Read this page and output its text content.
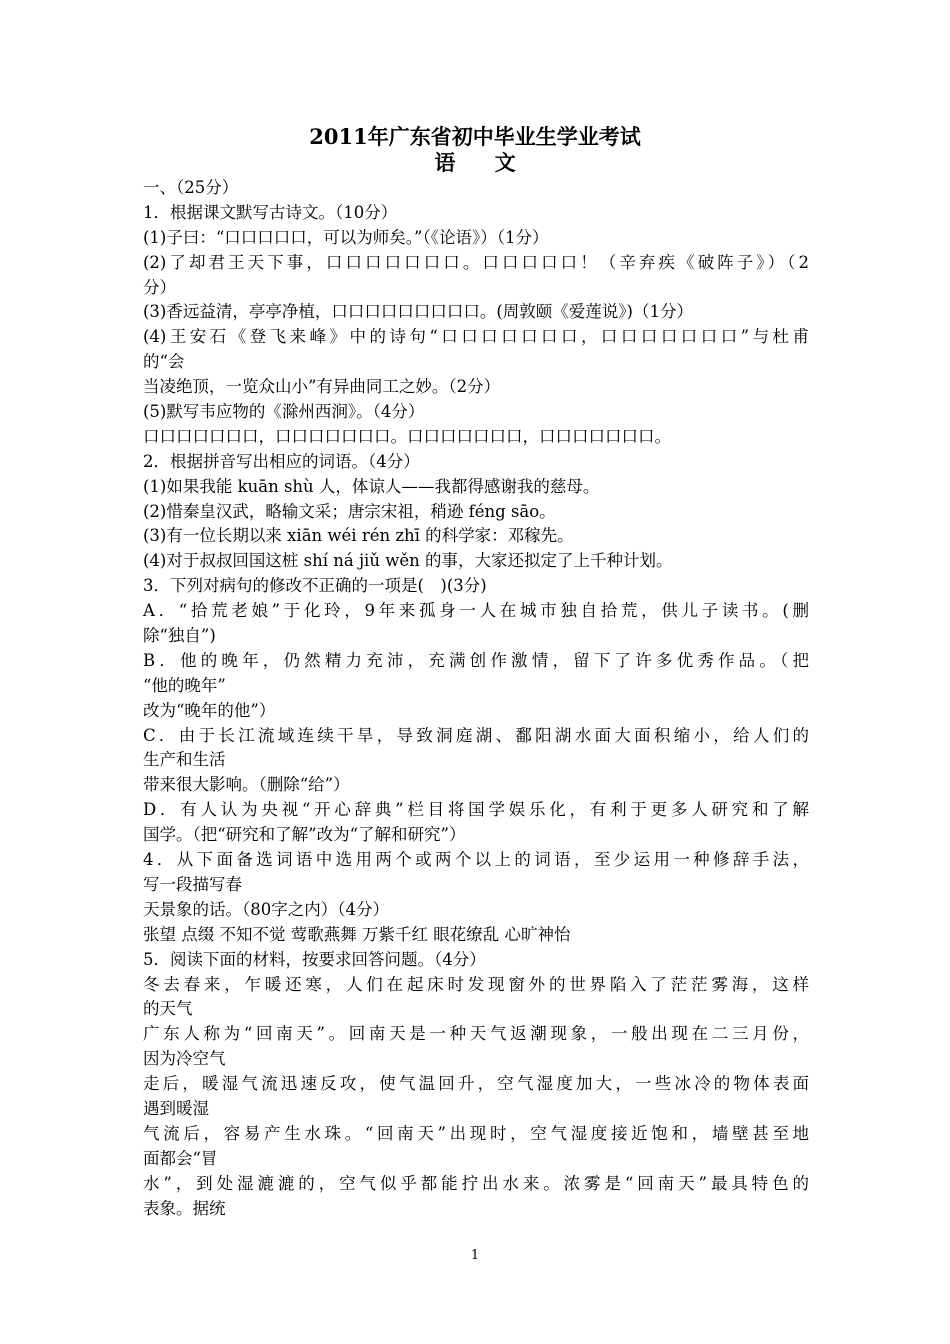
2011年广东省初中毕业生学业考试
语 文
一、（25分）
1．根据课文默写古诗文。（10分）
(1)子曰：“口口口口口，可以为师矣。”（《论语》）（1分）
(2)了却君王天下事，口口口口口口口。口口口口口！（辛弃疾《破阵子》）（2
分）
(3)香远益清，亭亭净植，口口口口口口口口口。(周敦颐《爱莲说》)（1分）
(4)王安石《登飞来峰》中的诗句“口口口口口口口，口口口口口口口”与杜甫
的“会
当凌绝顶，一览众山小”有异曲同工之妙。（2分）
(5)默写韦应物的《滁州西涧》。（4分）
口口口口口口口，口口口口口口口。口口口口口口口，口口口口口口口。
2．根据拼音写出相应的词语。（4分）
(1)如果我能 kuān shù 人，体谅人——我都得感谢我的慈母。
(2)惜秦皇汉武，略输文采；唐宗宋祖，稍逊 féng sāo。
(3)有一位长期以来 xiān wéi rén zhī 的科学家：邓稼先。
(4)对于叔叔回国这桩 shí ná jiǔ wěn 的事，大家还拟定了上千种计划。
3．下列对病句的修改不正确的一项是(　)(3分)
A．“拾荒老娘”于化玲，9年来孤身一人在城市独自拾荒，供儿子读书。(删
除“独自”)
B．他的晚年，仍然精力充沛，充满创作激情，留下了许多优秀作品。（把
“他的晚年”
改为“晚年的他”）
C．由于长江流域连续干旱，导致洞庭湖、鄱阳湖水面大面积缩小，给人们的
生产和生活
带来很大影响。（删除“给”）
D．有人认为央视“开心辞典”栏目将国学娱乐化，有利于更多人研究和了解
国学。（把“研究和了解”改为“了解和研究”）
4．从下面备选词语中选用两个或两个以上的词语，至少运用一种修辞手法，
写一段描写春
天景象的话。（80字之内）（4分）
张望 点缀 不知不觉 莺歌燕舞 万紫千红 眼花缭乱 心旷神怡
5．阅读下面的材料，按要求回答问题。（4分）
冬去春来，乍暖还寒，人们在起床时发现窗外的世界陷入了茫茫雾海，这样
的天气
广东人称为“回南天”。回南天是一种天气返潮现象，一般出现在二三月份，
因为冷空气
走后，暖湿气流迅速反攻，使气温回升，空气湿度加大，一些冰冷的物体表面
遇到暖湿
气流后，容易产生水珠。“回南天”出现时，空气湿度接近饱和，墙壁甚至地
面都会“冒
水”，到处湿漉漉的，空气似乎都能拧出水来。浓雾是“回南天”最具特色的
表象。据统
1
